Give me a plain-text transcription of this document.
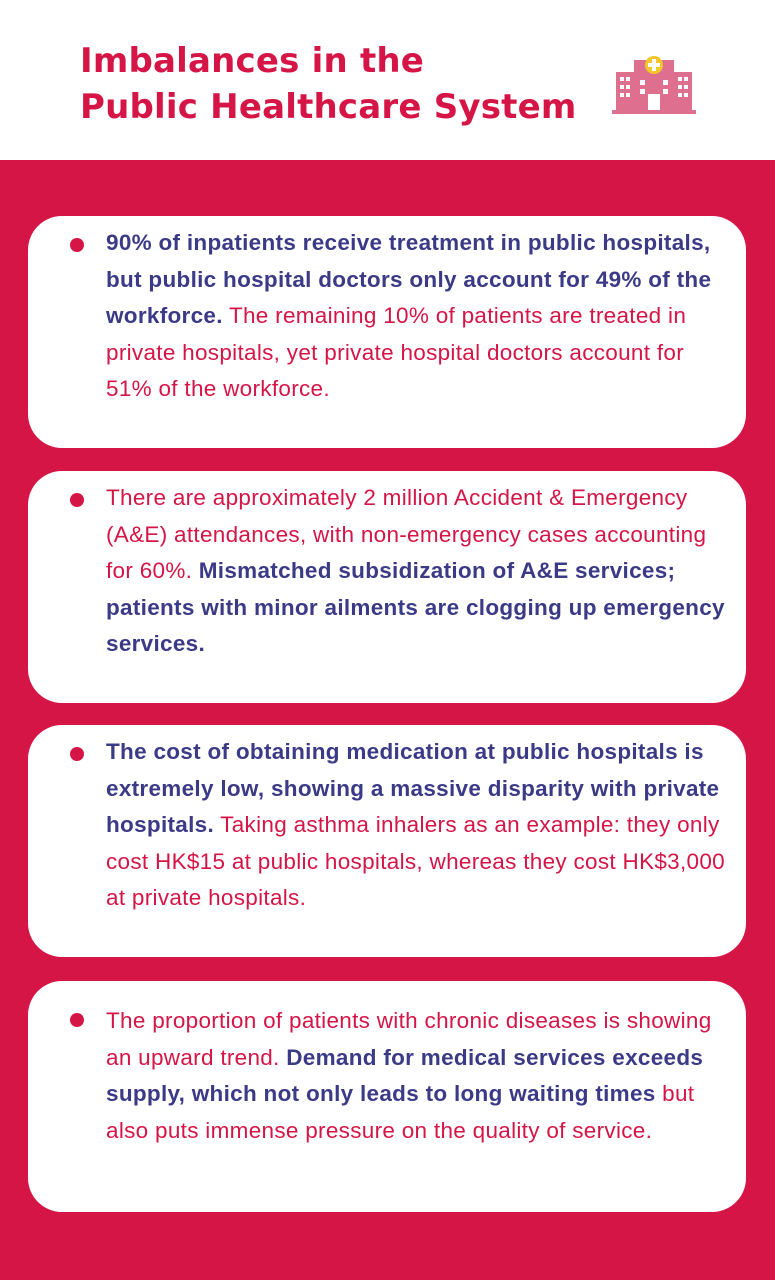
Imbalances in the
Public Healthcare System

90% of inpatients receive treatment in public hospitals, but public hospital doctors only account for 49% of the workforce. The remaining 10% of patients are treated in private hospitals, yet private hospital doctors account for 51% of the workforce.

There are approximately 2 million Accident & Emergency (A&E) attendances, with non-emergency cases accounting for 60%. Mismatched subsidization of A&E services; patients with minor ailments are clogging up emergency services.

The cost of obtaining medication at public hospitals is extremely low, showing a massive disparity with private hospitals. Taking asthma inhalers as an example: they only cost HK$15 at public hospitals, whereas they cost HK$3,000 at private hospitals.

The proportion of patients with chronic diseases is showing an upward trend. Demand for medical services exceeds supply, which not only leads to long waiting times but also puts immense pressure on the quality of service.
